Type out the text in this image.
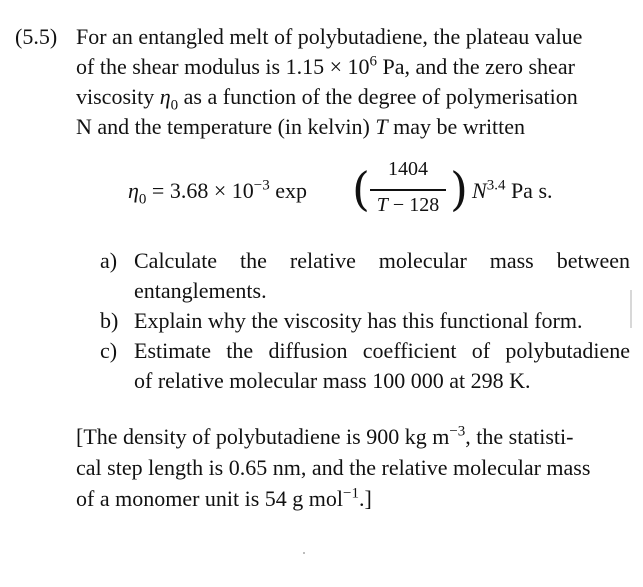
(5.5) For an entangled melt of polybutadiene, the plateau value
of the shear modulus is $1.15 \times 10^6$ Pa, and the zero shear
viscosity $\eta_0$ as a function of the degree of polymerisation
N and the temperature (in kelvin) T may be written
$\eta_0 = 3.68 \times 10^{-3}$ exp ( 1404
T − 128 ) $N^{3.4}$ Pa s.
a) Calculate the relative molecular mass between
entanglements.
b) Explain why the viscosity has this functional form.
c) Estimate the diffusion coefficient of polybutadiene
of relative molecular mass 100 000 at 298 K.
[The density of polybutadiene is 900 kg $m^{-3}$, the statisti-
cal step length is 0.65 nm, and the relative molecular mass
of a monomer unit is 54 g mol$^{-1}$.]
